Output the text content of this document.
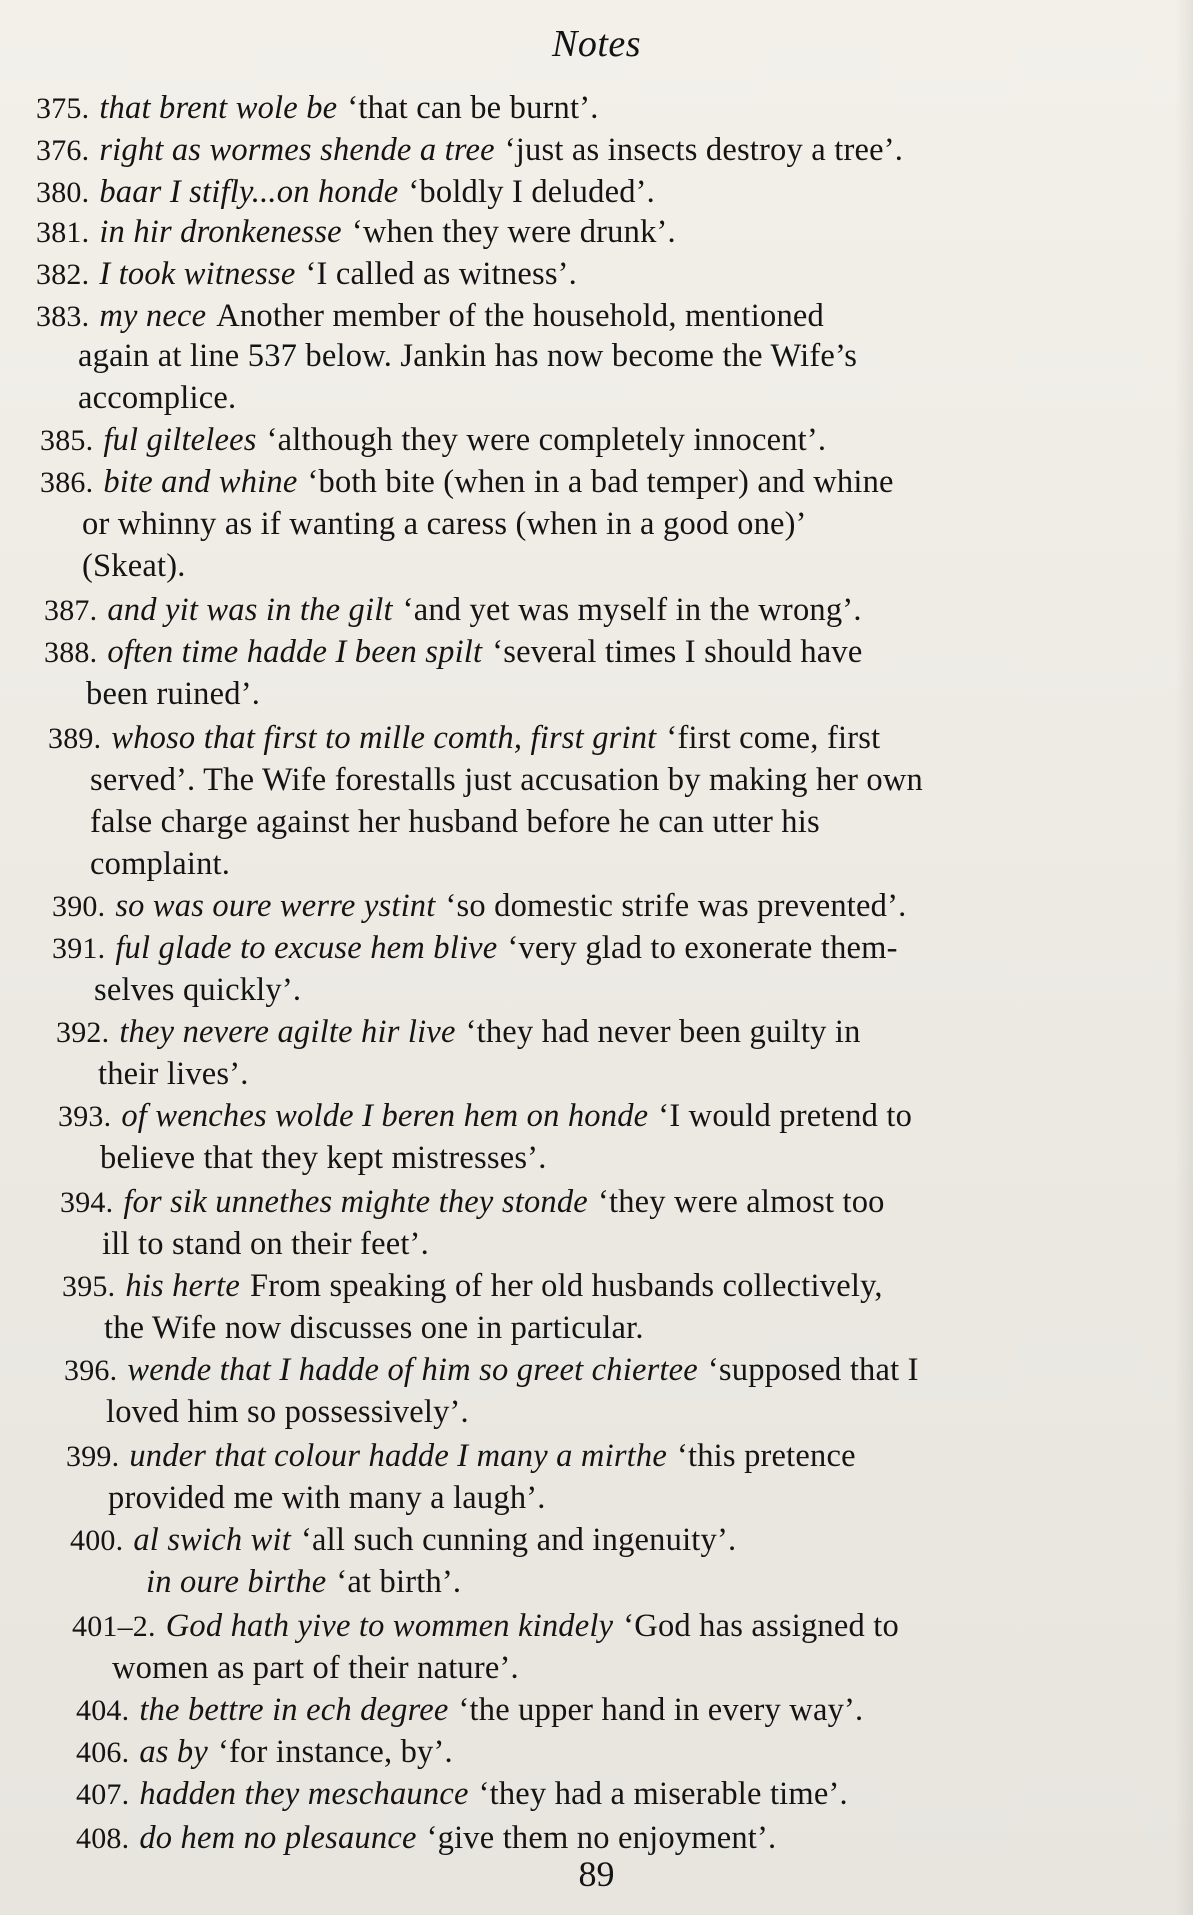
Notes
375. that brent wole be ‘that can be burnt’.
376. right as wormes shende a tree ‘just as insects destroy a tree’.
380. baar I stifly...on honde ‘boldly I deluded’.
381. in hir dronkenesse ‘when they were drunk’.
382. I took witnesse ‘I called as witness’.
383. my nece Another member of the household, mentioned
again at line 537 below. Jankin has now become the Wife’s
accomplice.
385. ful giltelees ‘although they were completely innocent’.
386. bite and whine ‘both bite (when in a bad temper) and whine
or whinny as if wanting a caress (when in a good one)’
(Skeat).
387. and yit was in the gilt ‘and yet was myself in the wrong’.
388. often time hadde I been spilt ‘several times I should have
been ruined’.
389. whoso that first to mille comth, first grint ‘first come, first
served’. The Wife forestalls just accusation by making her own
false charge against her husband before he can utter his
complaint.
390. so was oure werre ystint ‘so domestic strife was prevented’.
391. ful glade to excuse hem blive ‘very glad to exonerate them-
selves quickly’.
392. they nevere agilte hir live ‘they had never been guilty in
their lives’.
393. of wenches wolde I beren hem on honde ‘I would pretend to
believe that they kept mistresses’.
394. for sik unnethes mighte they stonde ‘they were almost too
ill to stand on their feet’.
395. his herte From speaking of her old husbands collectively,
the Wife now discusses one in particular.
396. wende that I hadde of him so greet chiertee ‘supposed that I
loved him so possessively’.
399. under that colour hadde I many a mirthe ‘this pretence
provided me with many a laugh’.
400. al swich wit ‘all such cunning and ingenuity’.
in oure birthe ‘at birth’.
401–2. God hath yive to wommen kindely ‘God has assigned to
women as part of their nature’.
404. the bettre in ech degree ‘the upper hand in every way’.
406. as by ‘for instance, by’.
407. hadden they meschaunce ‘they had a miserable time’.
408. do hem no plesaunce ‘give them no enjoyment’.
89
